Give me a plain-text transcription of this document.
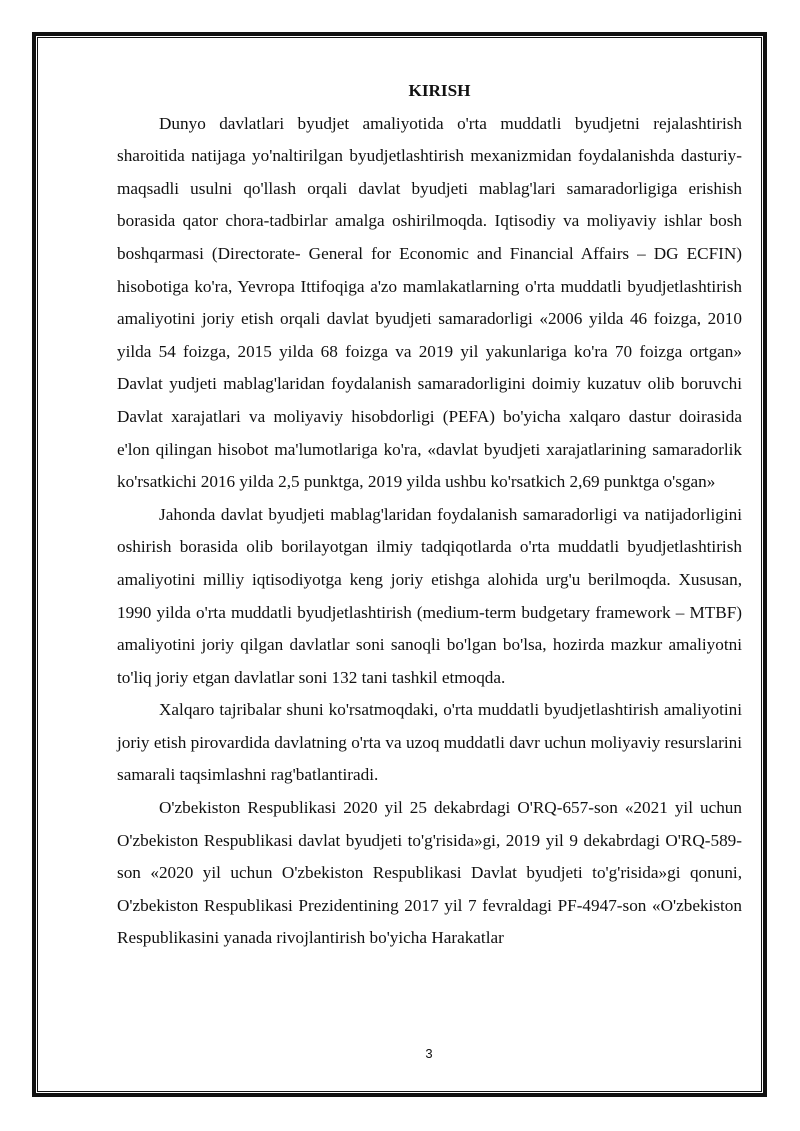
KIRISH

Dunyo davlatlari byudjet amaliyotida o'rta muddatli byudjetni rejalashtirish sharoitida natijaga yo'naltirilgan byudjetlashtirish mexanizmidan foydalanishda dasturiy-maqsadli usulni qo'llash orqali davlat byudjeti mablag'lari samaradorligiga erishish borasida qator chora-tadbirlar amalga oshirilmoqda. Iqtisodiy va moliyaviy ishlar bosh boshqarmasi (Directorate- General for Economic and Financial Affairs – DG ECFIN) hisobotiga ko'ra, Yevropa Ittifoqiga a'zo mamlakatlarning o'rta muddatli byudjetlashtirish amaliyotini joriy etish orqali davlat byudjeti samaradorligi «2006 yilda 46 foizga, 2010 yilda 54 foizga, 2015 yilda 68 foizga va 2019 yil yakunlariga ko'ra 70 foizga ortgan» Davlat yudjeti mablag'laridan foydalanish samaradorligini doimiy kuzatuv olib boruvchi Davlat xarajatlari va moliyaviy hisobdorligi (PEFA) bo'yicha xalqaro dastur doirasida e'lon qilingan hisobot ma'lumotlariga ko'ra, «davlat byudjeti xarajatlarining samaradorlik ko'rsatkichi 2016 yilda 2,5 punktga, 2019 yilda ushbu ko'rsatkich 2,69 punktga o'sgan»

Jahonda davlat byudjeti mablag'laridan foydalanish samaradorligi va natijadorligini oshirish borasida olib borilayotgan ilmiy tadqiqotlarda o'rta muddatli byudjetlashtirish amaliyotini milliy iqtisodiyotga keng joriy etishga alohida urg'u berilmoqda. Xususan, 1990 yilda o'rta muddatli byudjetlashtirish (medium-term budgetary framework – MTBF) amaliyotini joriy qilgan davlatlar soni sanoqli bo'lgan bo'lsa, hozirda mazkur amaliyotni to'liq joriy etgan davlatlar soni 132 tani tashkil etmoqda.

Xalqaro tajribalar shuni ko'rsatmoqdaki, o'rta muddatli byudjetlashtirish amaliyotini joriy etish pirovardida davlatning o'rta va uzoq muddatli davr uchun moliyaviy resurslarini samarali taqsimlashni rag'batlantiradi.

O'zbekiston Respublikasi 2020 yil 25 dekabrdagi O'RQ-657-son «2021 yil uchun O'zbekiston Respublikasi davlat byudjeti to'g'risida»gi, 2019 yil 9 dekabrdagi O'RQ-589-son «2020 yil uchun O'zbekiston Respublikasi Davlat byudjeti to'g'risida»gi qonuni, O'zbekiston Respublikasi Prezidentining 2017 yil 7 fevraldagi PF-4947-son «O'zbekiston Respublikasini yanada rivojlantirish bo'yicha Harakatlar

3
